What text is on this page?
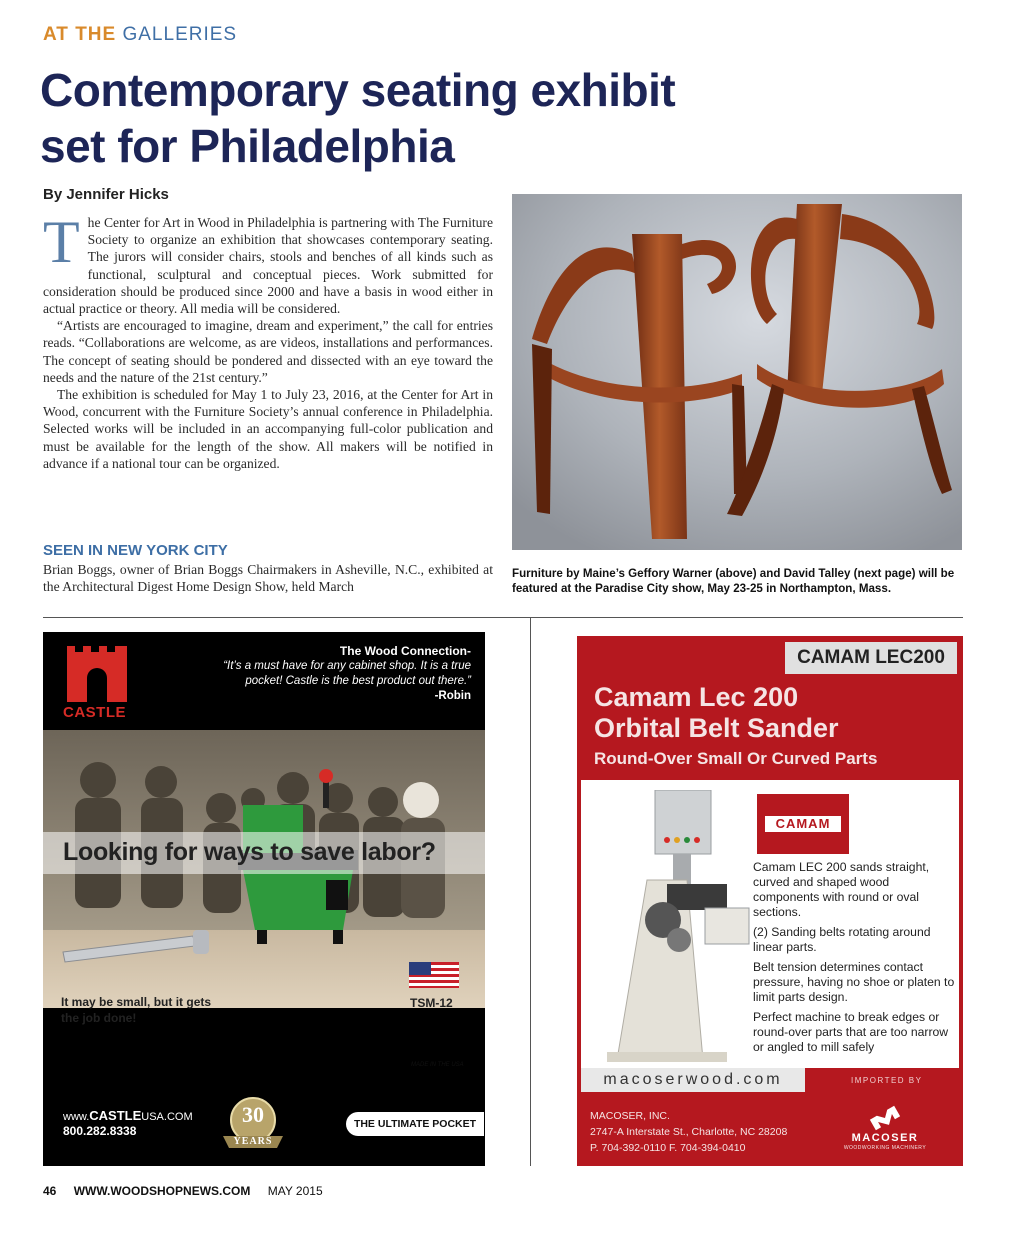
AT THE GALLERIES
Contemporary seating exhibit
set for Philadelphia
By Jennifer Hicks

The Center for Art in Wood in Philadelphia is partnering with The Furniture Society to organize an exhibition that showcases contemporary seating. The jurors will consider chairs, stools and benches of all kinds such as functional, sculptural and conceptual pieces. Work submitted for consideration should be produced since 2000 and have a basis in wood either in actual practice or theory. All media will be considered.

“Artists are encouraged to imagine, dream and experiment,” the call for entries reads. “Collaborations are welcome, as are videos, installations and performances. The concept of seating should be pondered and dissected with an eye toward the needs and the nature of the 21st century.”

The exhibition is scheduled for May 1 to July 23, 2016, at the Center for Art in Wood, concurrent with the Furniture Society’s annual conference in Philadelphia. Selected works will be included in an accompanying full-color publication and must be available for the length of the show. All makers will be notified in advance if a national tour can be organized.

SEEN IN NEW YORK CITY
Brian Boggs, owner of Brian Boggs Chairmakers in Asheville, N.C., exhibited at the Architectural Digest Home Design Show, held March
Furniture by Maine’s Geffory Warner (above) and David Talley (next page) will be featured at the Paradise City show, May 23-25 in Northampton, Mass.
CASTLE
The Wood Connection-
“It’s a must have for any cabinet shop. It is a true pocket! Castle is the best product out there.”
-Robin
Looking for ways to save labor?
It may be small, but it gets the job done!
TSM-12
MADE IN THE USA
www.CASTLEUSA.COM
800.282.8338
30
YEARS
THE ULTIMATE POCKET
CAMAM LEC200
Camam Lec 200
Orbital Belt Sander
Round-Over Small Or Curved Parts
CAMAM

Camam LEC 200 sands straight, curved and shaped wood components with round or oval sections.

(2) Sanding belts rotating around linear parts.

Belt tension determines contact pressure, having no shoe or platen to limit parts design.

Perfect machine to break edges or round-over parts that are too narrow or angled to mill safely

macoserwood.com	IMPORTED BY
MACOSER, INC.
2747-A Interstate St., Charlotte, NC 28208
P. 704-392-0110 F. 704-394-0410
MACOSER
WOODWORKING MACHINERY
46 WWW.WOODSHOPNEWS.COM MAY 2015
